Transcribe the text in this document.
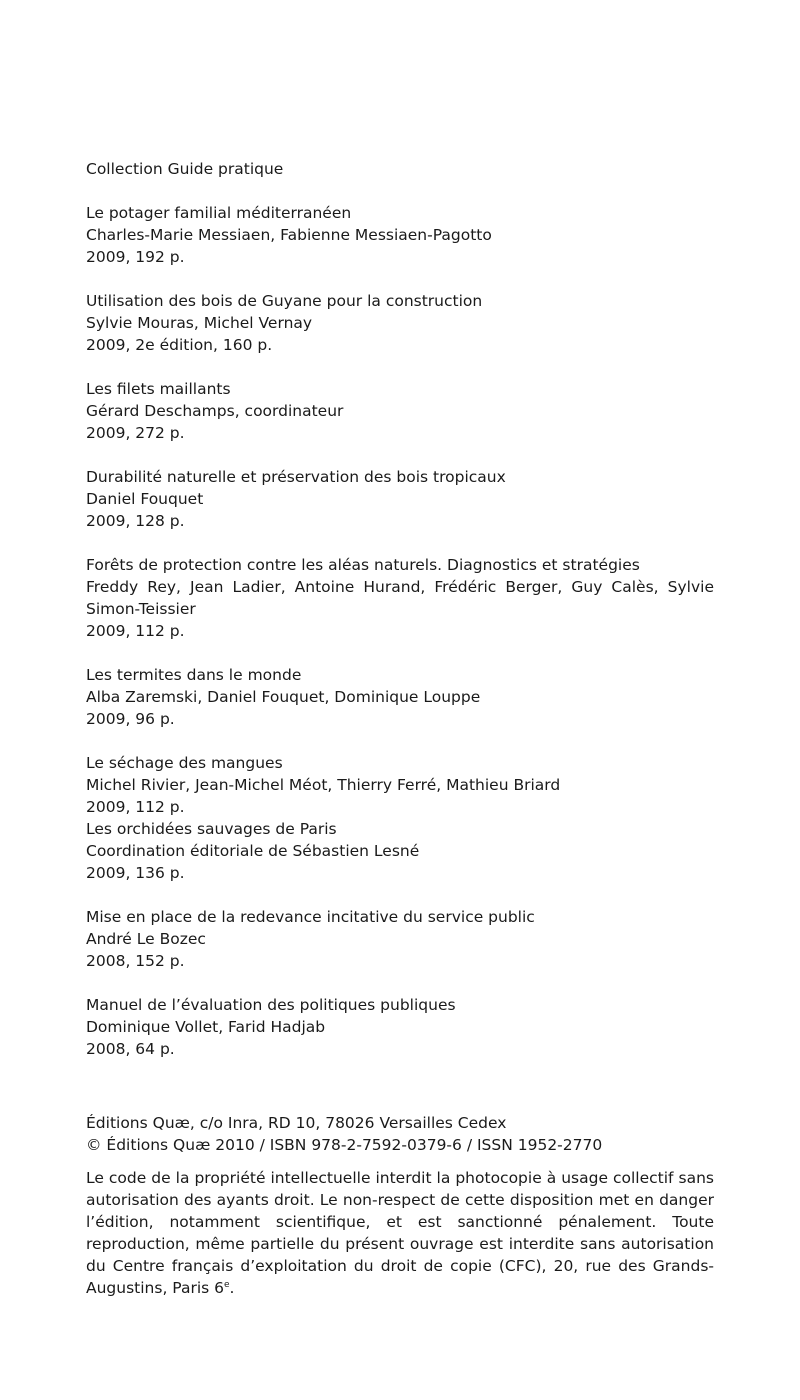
Collection Guide pratique
Le potager familial méditerranéen
Charles-Marie Messiaen, Fabienne Messiaen-Pagotto
2009, 192 p.
Utilisation des bois de Guyane pour la construction
Sylvie Mouras, Michel Vernay
2009, 2e édition, 160 p.
Les filets maillants
Gérard Deschamps, coordinateur
2009, 272 p.
Durabilité naturelle et préservation des bois tropicaux
Daniel Fouquet
2009, 128 p.
Forêts de protection contre les aléas naturels. Diagnostics et stratégies
Freddy Rey, Jean Ladier, Antoine Hurand, Frédéric Berger, Guy Calès, Sylvie Simon-Teissier
2009, 112 p.
Les termites dans le monde
Alba Zaremski, Daniel Fouquet, Dominique Louppe
2009, 96 p.
Le séchage des mangues
Michel Rivier, Jean-Michel Méot, Thierry Ferré, Mathieu Briard
2009, 112 p.
Les orchidées sauvages de Paris
Coordination éditoriale de Sébastien Lesné
2009, 136 p.
Mise en place de la redevance incitative du service public
André Le Bozec
2008, 152 p.
Manuel de l’évaluation des politiques publiques
Dominique Vollet, Farid Hadjab
2008, 64 p.
Éditions Quæ, c/o Inra, RD 10, 78026 Versailles Cedex
© Éditions Quæ 2010 / ISBN 978-2-7592-0379-6 / ISSN 1952-2770
Le code de la propriété intellectuelle interdit la photocopie à usage collectif sans autorisation des ayants droit. Le non-respect de cette disposition met en danger l’édition, notamment scientifique, et est sanctionné pénalement. Toute reproduction, même partielle du présent ouvrage est interdite sans autorisation du Centre français d’exploitation du droit de copie (CFC), 20, rue des Grands-Augustins, Paris 6e.
